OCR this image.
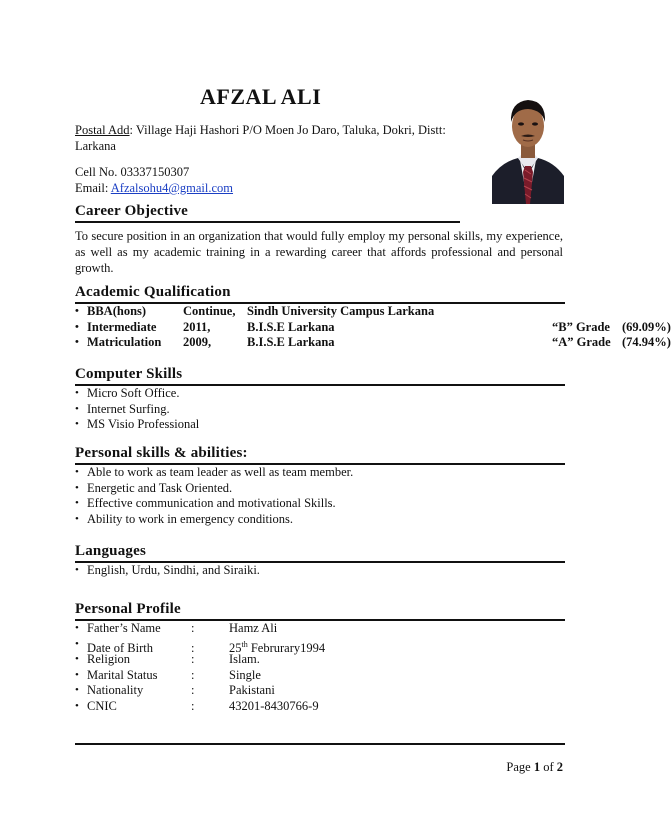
AFZAL ALI
Postal Add: Village Haji Hashori P/O Moen Jo Daro, Taluka, Dokri, Distt:
Larkana
Cell No. 03337150307
Email: Afzalsohu4@gmail.com
Career Objective
To secure position in an organization that would fully employ my personal skills, my experience, as well as my academic training in a rewarding career that affords professional and personal growth.
Academic Qualification
• BBA(hons)	Continue, Sindh University Campus Larkana
• Intermediate 2011,	B.I.S.E Larkana	“B” Grade (69.09%)
• Matriculation 2009,	B.I.S.E Larkana	“A” Grade (74.94%)
Computer Skills
• Micro Soft Office.
• Internet Surfing.
• MS Visio Professional
Personal skills & abilities:
• Able to work as team leader as well as team member.
• Energetic and Task Oriented.
• Effective communication and motivational Skills.
• Ability to work in emergency conditions.
Languages
• English, Urdu, Sindhi, and Siraiki.
Personal Profile
• Father’s Name :	Hamz Ali
• Date of Birth	:	25th Februrary1994
• Religion	:	Islam.
• Marital Status	:	Single
• Nationality	:	Pakistani
• CNIC	:	43201-8430766-9
Page 1 of 2
